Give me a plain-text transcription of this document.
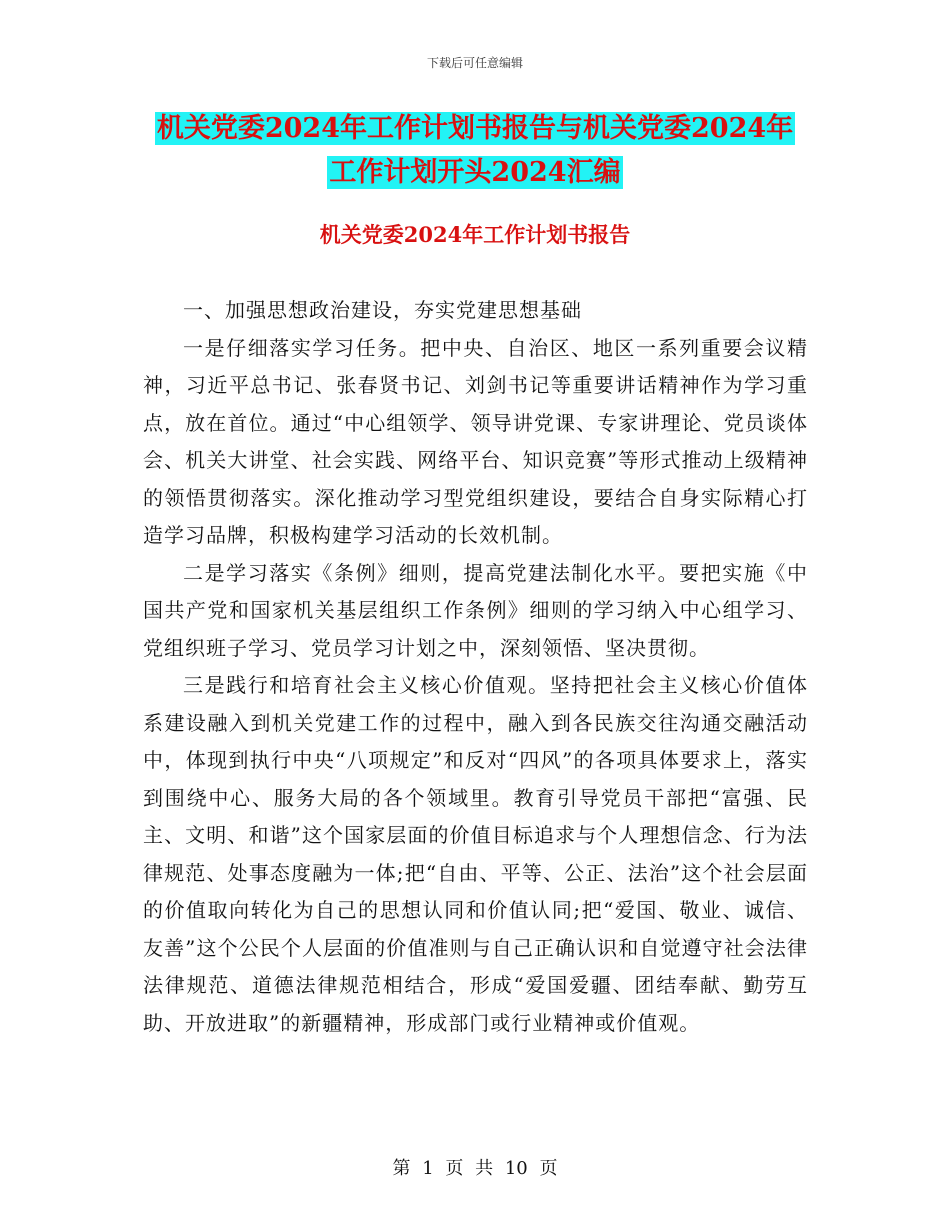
下载后可任意编辑
机关党委2024年工作计划书报告与机关党委2024年
工作计划开头2024汇编
机关党委2024年工作计划书报告

一、加强思想政治建设，夯实党建思想基础

一是仔细落实学习任务。把中央、自治区、地区一系列重要会议精神，习近平总书记、张春贤书记、刘剑书记等重要讲话精神作为学习重点，放在首位。通过“中心组领学、领导讲党课、专家讲理论、党员谈体会、机关大讲堂、社会实践、网络平台、知识竞赛”等形式推动上级精神的领悟贯彻落实。深化推动学习型党组织建设，要结合自身实际精心打造学习品牌，积极构建学习活动的长效机制。

二是学习落实《条例》细则，提高党建法制化水平。要把实施《中国共产党和国家机关基层组织工作条例》细则的学习纳入中心组学习、党组织班子学习、党员学习计划之中，深刻领悟、坚决贯彻。

三是践行和培育社会主义核心价值观。坚持把社会主义核心价值体系建设融入到机关党建工作的过程中，融入到各民族交往沟通交融活动中，体现到执行中央“八项规定”和反对“四风”的各项具体要求上，落实到围绕中心、服务大局的各个领域里。教育引导党员干部把“富强、民主、文明、和谐”这个国家层面的价值目标追求与个人理想信念、行为法律规范、处事态度融为一体;把“自由、平等、公正、法治”这个社会层面的价值取向转化为自己的思想认同和价值认同;把“爱国、敬业、诚信、友善”这个公民个人层面的价值准则与自己正确认识和自觉遵守社会法律法律规范、道德法律规范相结合，形成“爱国爱疆、团结奉献、勤劳互助、开放进取”的新疆精神，形成部门或行业精神或价值观。

第 1 页 共 10 页
